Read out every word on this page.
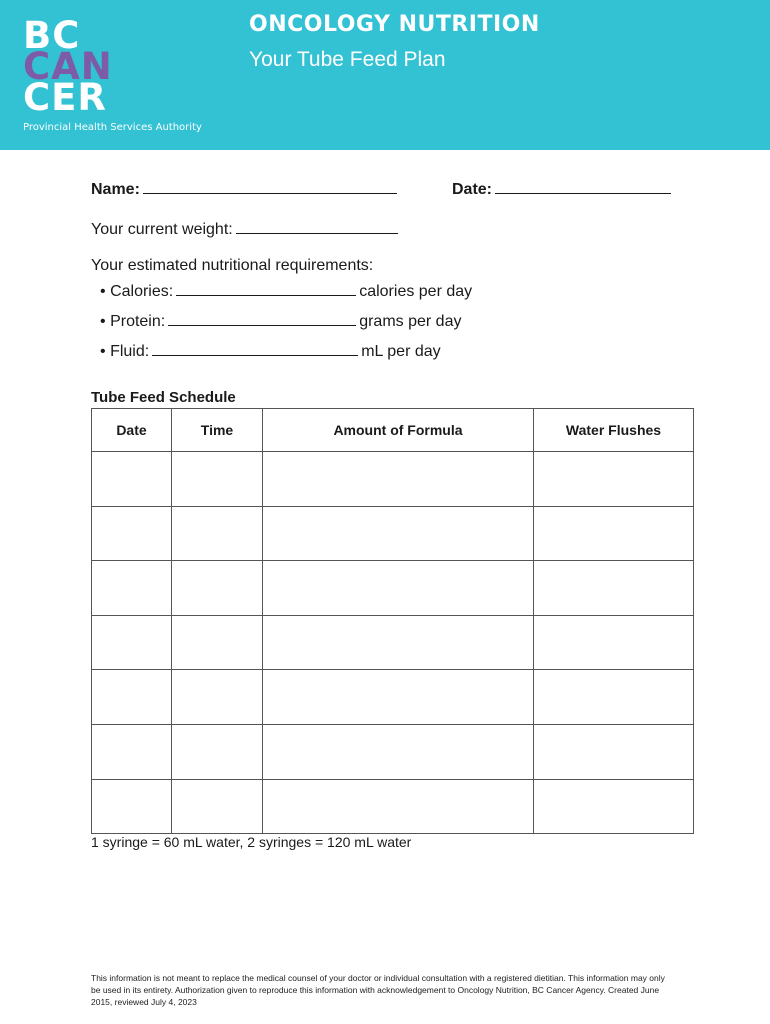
BC
CAN
CER
Provincial Health Services Authority
ONCOLOGY NUTRITION
Your Tube Feed Plan
Name:	Date:
Your current weight:
Your estimated nutritional requirements:
• Calories:	calories per day
• Protein:	grams per day
• Fluid:	mL per day
Tube Feed Schedule
Date	Time	Amount of Formula	Water Flushes

1 syringe = 60 mL water, 2 syringes = 120 mL water
This information is not meant to replace the medical counsel of your doctor or individual consultation with a registered dietitian. This information may only be used in its entirety. Authorization given to reproduce this information with acknowledgement to Oncology Nutrition, BC Cancer Agency. Created June 2015, reviewed July 4, 2023
